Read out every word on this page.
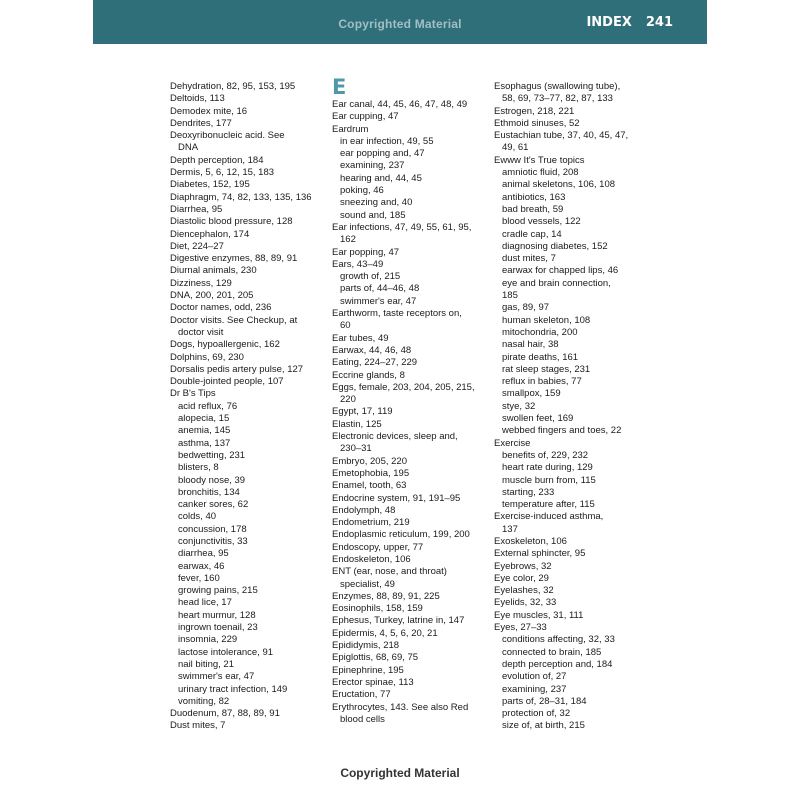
Copyrighted Material	INDEX 241
Dehydration, 82, 95, 153, 195
Deltoids, 113
Demodex mite, 16
Dendrites, 177
Deoxyribonucleic acid. See
DNA
Depth perception, 184
Dermis, 5, 6, 12, 15, 183
Diabetes, 152, 195
Diaphragm, 74, 82, 133, 135, 136
Diarrhea, 95
Diastolic blood pressure, 128
Diencephalon, 174
Diet, 224–27
Digestive enzymes, 88, 89, 91
Diurnal animals, 230
Dizziness, 129
DNA, 200, 201, 205
Doctor names, odd, 236
Doctor visits. See Checkup, at
doctor visit
Dogs, hypoallergenic, 162
Dolphins, 69, 230
Dorsalis pedis artery pulse, 127
Double-jointed people, 107
Dr B's Tips
acid reflux, 76
alopecia, 15
anemia, 145
asthma, 137
bedwetting, 231
blisters, 8
bloody nose, 39
bronchitis, 134
canker sores, 62
colds, 40
concussion, 178
conjunctivitis, 33
diarrhea, 95
earwax, 46
fever, 160
growing pains, 215
head lice, 17
heart murmur, 128
ingrown toenail, 23
insomnia, 229
lactose intolerance, 91
nail biting, 21
swimmer's ear, 47
urinary tract infection, 149
vomiting, 82
Duodenum, 87, 88, 89, 91
Dust mites, 7
E
Ear canal, 44, 45, 46, 47, 48, 49
Ear cupping, 47
Eardrum
in ear infection, 49, 55
ear popping and, 47
examining, 237
hearing and, 44, 45
poking, 46
sneezing and, 40
sound and, 185
Ear infections, 47, 49, 55, 61, 95,
162
Ear popping, 47
Ears, 43–49
growth of, 215
parts of, 44–46, 48
swimmer's ear, 47
Earthworm, taste receptors on,
60
Ear tubes, 49
Earwax, 44, 46, 48
Eating, 224–27, 229
Eccrine glands, 8
Eggs, female, 203, 204, 205, 215,
220
Egypt, 17, 119
Elastin, 125
Electronic devices, sleep and,
230–31
Embryo, 205, 220
Emetophobia, 195
Enamel, tooth, 63
Endocrine system, 91, 191–95
Endolymph, 48
Endometrium, 219
Endoplasmic reticulum, 199, 200
Endoscopy, upper, 77
Endoskeleton, 106
ENT (ear, nose, and throat)
specialist, 49
Enzymes, 88, 89, 91, 225
Eosinophils, 158, 159
Ephesus, Turkey, latrine in, 147
Epidermis, 4, 5, 6, 20, 21
Epididymis, 218
Epiglottis, 68, 69, 75
Epinephrine, 195
Erector spinae, 113
Eructation, 77
Erythrocytes, 143. See also Red
blood cells
Esophagus (swallowing tube),
58, 69, 73–77, 82, 87, 133
Estrogen, 218, 221
Ethmoid sinuses, 52
Eustachian tube, 37, 40, 45, 47,
49, 61
Ewww It's True topics
amniotic fluid, 208
animal skeletons, 106, 108
antibiotics, 163
bad breath, 59
blood vessels, 122
cradle cap, 14
diagnosing diabetes, 152
dust mites, 7
earwax for chapped lips, 46
eye and brain connection,
185
gas, 89, 97
human skeleton, 108
mitochondria, 200
nasal hair, 38
pirate deaths, 161
rat sleep stages, 231
reflux in babies, 77
smallpox, 159
stye, 32
swollen feet, 169
webbed fingers and toes, 22
Exercise
benefits of, 229, 232
heart rate during, 129
muscle burn from, 115
starting, 233
temperature after, 115
Exercise-induced asthma,
137
Exoskeleton, 106
External sphincter, 95
Eyebrows, 32
Eye color, 29
Eyelashes, 32
Eyelids, 32, 33
Eye muscles, 31, 111
Eyes, 27–33
conditions affecting, 32, 33
connected to brain, 185
depth perception and, 184
evolution of, 27
examining, 237
parts of, 28–31, 184
protection of, 32
size of, at birth, 215
Copyrighted Material
